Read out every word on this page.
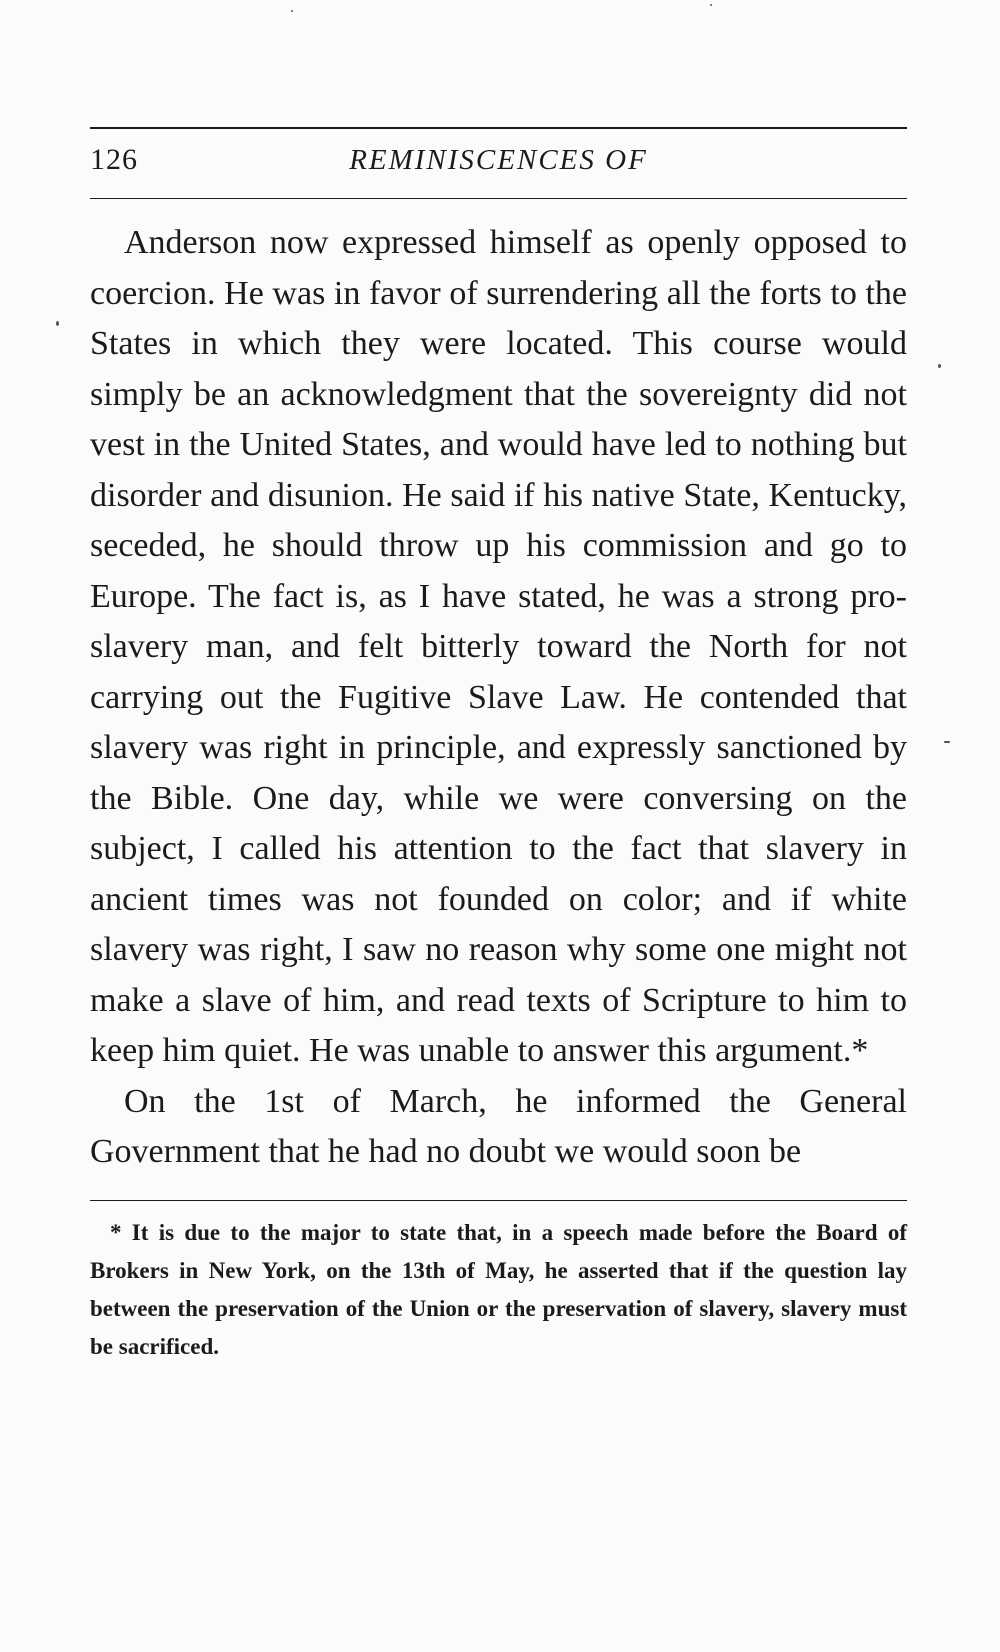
126	REMINISCENCES OF

Anderson now expressed himself as openly opposed to coercion. He was in favor of surrendering all the forts to the States in which they were located. This course would simply be an acknowledgment that the sovereignty did not vest in the United States, and would have led to nothing but disorder and disunion. He said if his native State, Kentucky, seceded, he should throw up his commission and go to Europe. The fact is, as I have stated, he was a strong pro-slavery man, and felt bitterly toward the North for not carrying out the Fugitive Slave Law. He contended that slavery was right in principle, and expressly sanctioned by the Bible. One day, while we were conversing on the subject, I called his attention to the fact that slavery in ancient times was not founded on color; and if white slavery was right, I saw no reason why some one might not make a slave of him, and read texts of Scripture to him to keep him quiet. He was unable to answer this argument.*

On the 1st of March, he informed the General Government that he had no doubt we would soon be

* It is due to the major to state that, in a speech made before the Board of Brokers in New York, on the 13th of May, he asserted that if the question lay between the preservation of the Union or the preservation of slavery, slavery must be sacrificed.
